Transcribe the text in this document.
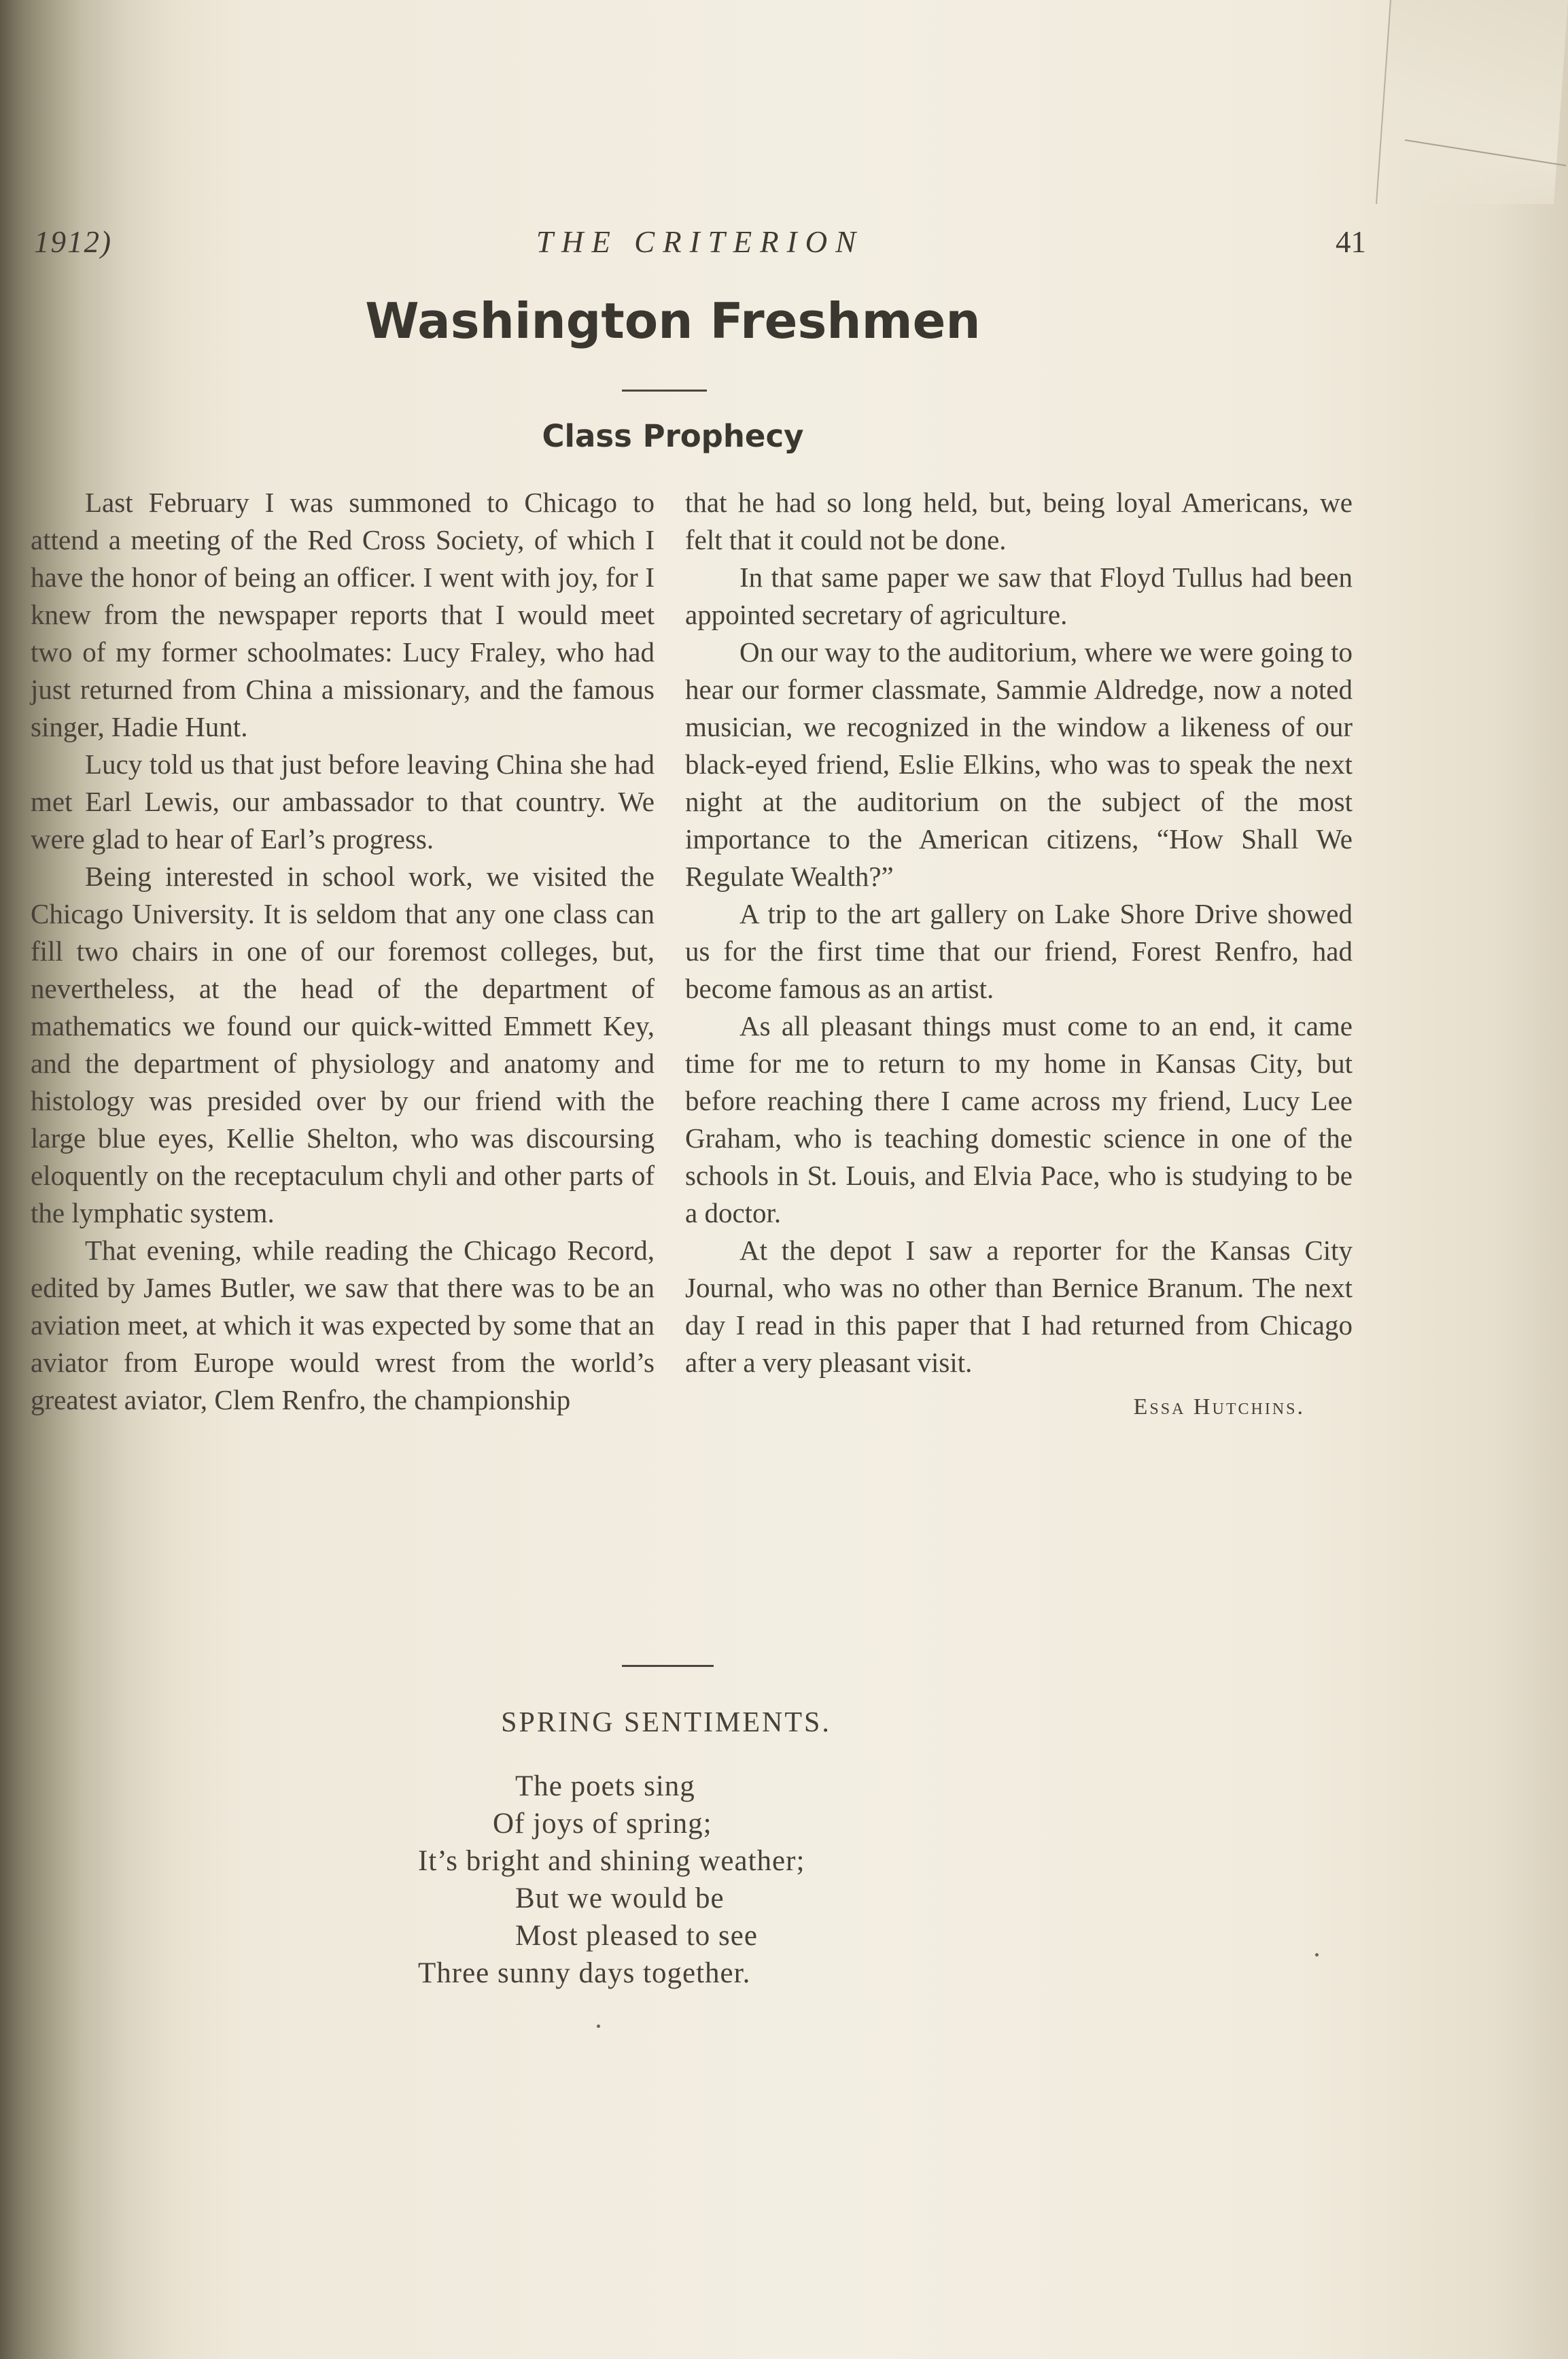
1912)	THE CRITERION	41
Washington Freshmen
Class Prophecy

Last February I was summoned to Chicago to attend a meeting of the Red Cross Society, of which I have the honor of being an officer. I went with joy, for I knew from the newspaper reports that I would meet two of my former schoolmates: Lucy Fraley, who had just returned from China a missionary, and the famous singer, Hadie Hunt.

Lucy told us that just before leaving China she had met Earl Lewis, our ambassador to that country. We were glad to hear of Earl’s progress.

Being interested in school work, we visited the Chicago University. It is seldom that any one class can fill two chairs in one of our foremost colleges, but, nevertheless, at the head of the department of mathematics we found our quick-witted Emmett Key, and the department of physiology and anatomy and histology was presided over by our friend with the large blue eyes, Kellie Shelton, who was discoursing eloquently on the receptaculum chyli and other parts of the lymphatic system.

That evening, while reading the Chicago Record, edited by James Butler, we saw that there was to be an aviation meet, at which it was expected by some that an aviator from Europe would wrest from the world’s greatest aviator, Clem Renfro, the championship

that he had so long held, but, being loyal Americans, we felt that it could not be done.

In that same paper we saw that Floyd Tullus had been appointed secretary of agriculture.

On our way to the auditorium, where we were going to hear our former classmate, Sammie Aldredge, now a noted musician, we recognized in the window a likeness of our black-eyed friend, Eslie Elkins, who was to speak the next night at the auditorium on the subject of the most importance to the American citizens, “How Shall We Regulate Wealth?”

A trip to the art gallery on Lake Shore Drive showed us for the first time that our friend, Forest Renfro, had become famous as an artist.

As all pleasant things must come to an end, it came time for me to return to my home in Kansas City, but before reaching there I came across my friend, Lucy Lee Graham, who is teaching domestic science in one of the schools in St. Louis, and Elvia Pace, who is studying to be a doctor.

At the depot I saw a reporter for the Kansas City Journal, who was no other than Bernice Branum. The next day I read in this paper that I had returned from Chicago after a very pleasant visit.

Essa Hutchins.

SPRING SENTIMENTS.
The poets sing
Of joys of spring;
It’s bright and shining weather;
But we would be
Most pleased to see
Three sunny days together.
